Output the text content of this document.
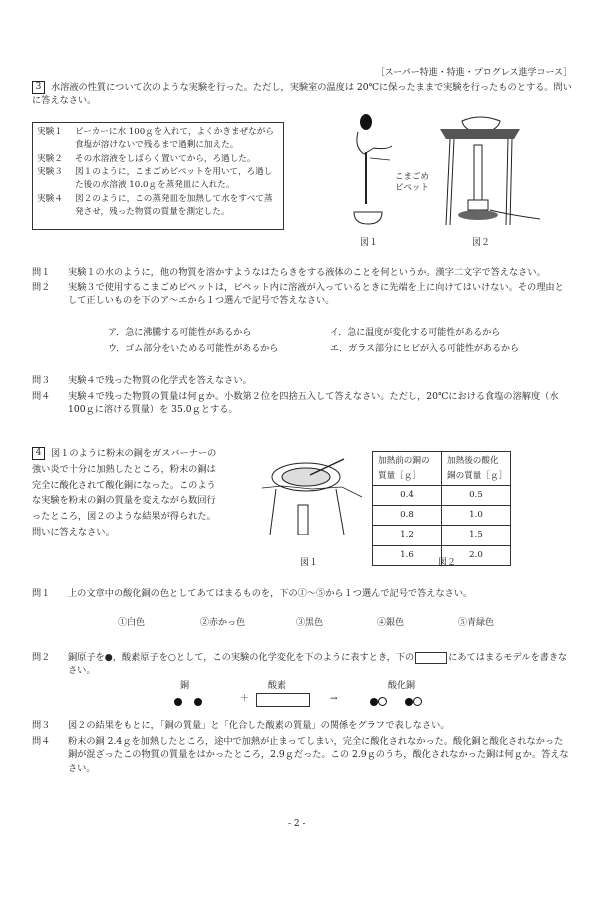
［スーパー特進・特進・プログレス進学コース］
3 水溶液の性質について次のような実験を行った。ただし，実験室の温度は 20℃に保ったままで実験を行ったものとする。問いに答えなさい。
実験１	ビーカーに水 100ｇを入れて，よくかきまぜながら食塩が溶けないで残るまで過剰に加えた。
実験２	その水溶液をしばらく置いてから，ろ過した。
実験３	図１のように，こまごめピペットを用いて，ろ過した後の水溶液 10.0ｇを蒸発皿に入れた。
実験４	図２のように，この蒸発皿を加熱して水をすべて蒸発させ，残った物質の質量を測定した。
こまごめピペット
図１	図２
問１	実験１の水のように，他の物質を溶かすようなはたらきをする液体のことを何というか。漢字二文字で答えなさい。
問２	実験３で使用するこまごめピペットは，ピペット内に溶液が入っているときに先端を上に向けてはいけない。その理由として正しいものを下のア～エから１つ選んで記号で答えなさい。
ア．急に沸騰する可能性があるから	イ．急に温度が変化する可能性があるから
ウ．ゴム部分をいためる可能性があるから	エ．ガラス部分にヒビが入る可能性があるから
問３	実験４で残った物質の化学式を答えなさい。
問４	実験４で残った物質の質量は何ｇか。小数第２位を四捨五入して答えなさい。ただし，20℃における食塩の溶解度（水 100ｇに溶ける質量）を 35.0ｇとする。
4 図１のように粉末の銅をガスバーナーの強い炎で十分に加熱したところ，粉末の銅は完全に酸化されて酸化銅になった。このような実験を粉末の銅の質量を変えながら数回行ったところ，図２のような結果が得られた。問いに答えなさい。
図１
加熱前の銅の質量［ｇ］	加熱後の酸化銅の質量［ｇ］
0.4	0.5
0.8	1.0
1.2	1.5
1.6	2.0
図２
問１	上の文章中の酸化銅の色としてあてはまるものを，下の①～⑤から１つ選んで記号で答えなさい。
①白色	②赤かっ色	③黒色	④銀色	⑤青緑色
問２	銅原子を●，酸素原子を○として，この実験の化学変化を下のように表すとき，下の	にあてはまるモデルを書きなさい。
銅

＋
酸素
→
酸化銅

問３	図２の結果をもとに，「銅の質量」と「化合した酸素の質量」の関係をグラフで表しなさい。
問４	粉末の銅 2.4ｇを加熱したところ，途中で加熱が止まってしまい，完全に酸化されなかった。酸化銅と酸化されなかった銅が混ざったこの物質の質量をはかったところ，2.9ｇだった。この 2.9ｇのうち，酸化されなかった銅は何ｇか。答えなさい。
- 2 -
